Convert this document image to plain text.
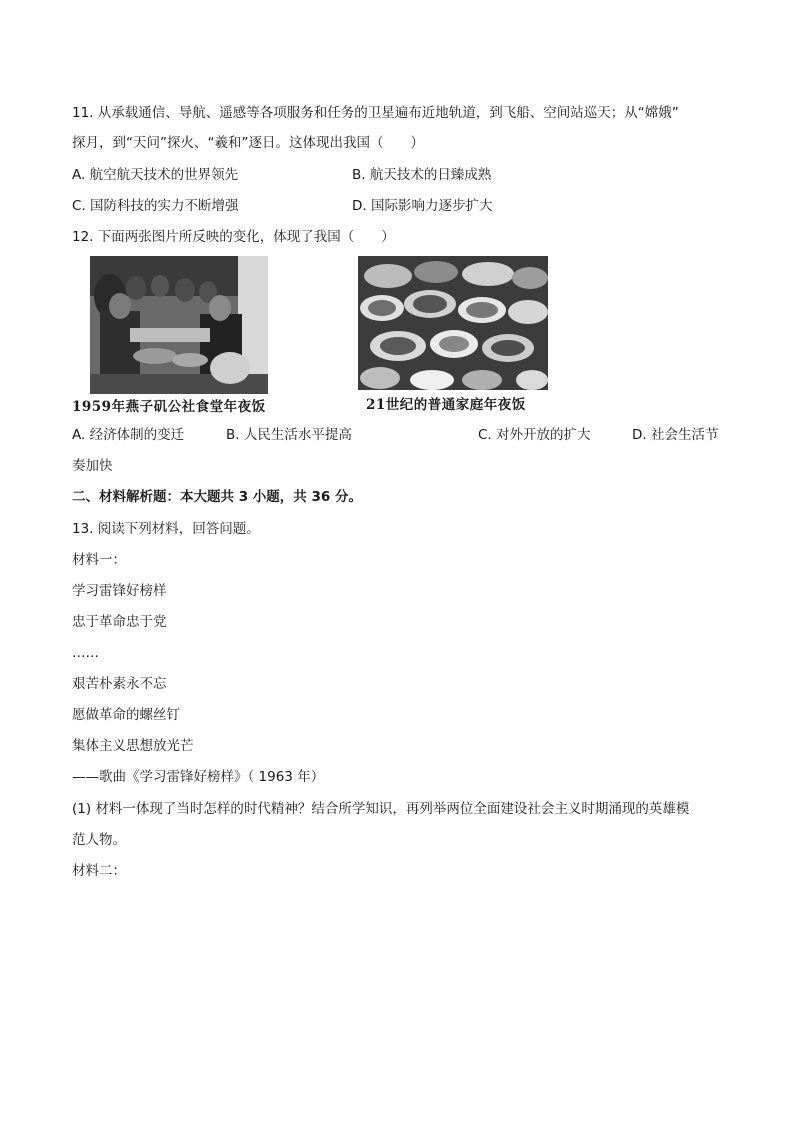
11. 从承载通信、导航、遥感等各项服务和任务的卫星遍布近地轨道，到飞船、空间站巡天；从“嫦娥”
探月，到“天问”探火、“羲和”逐日。这体现出我国（　　）
A. 航空航天技术的世界领先	B. 航天技术的日臻成熟
C. 国防科技的实力不断增强	D. 国际影响力逐步扩大
12. 下面两张图片所反映的变化，体现了我国（　　）
1959年燕子矶公社食堂年夜饭	21世纪的普通家庭年夜饭
A. 经济体制的变迁	B. 人民生活水平提高	C. 对外开放的扩大	D. 社会生活节
奏加快
二、材料解析题：本大题共 3 小题，共 36 分。
13. 阅读下列材料，回答问题。
材料一：
学习雷锋好榜样
忠于革命忠于党
……
艰苦朴素永不忘
愿做革命的螺丝钉
集体主义思想放光芒
——歌曲《学习雷锋好榜样》（ 1963 年）
(1) 材料一体现了当时怎样的时代精神？结合所学知识，再列举两位全面建设社会主义时期涌现的英雄模
范人物。
材料二：
